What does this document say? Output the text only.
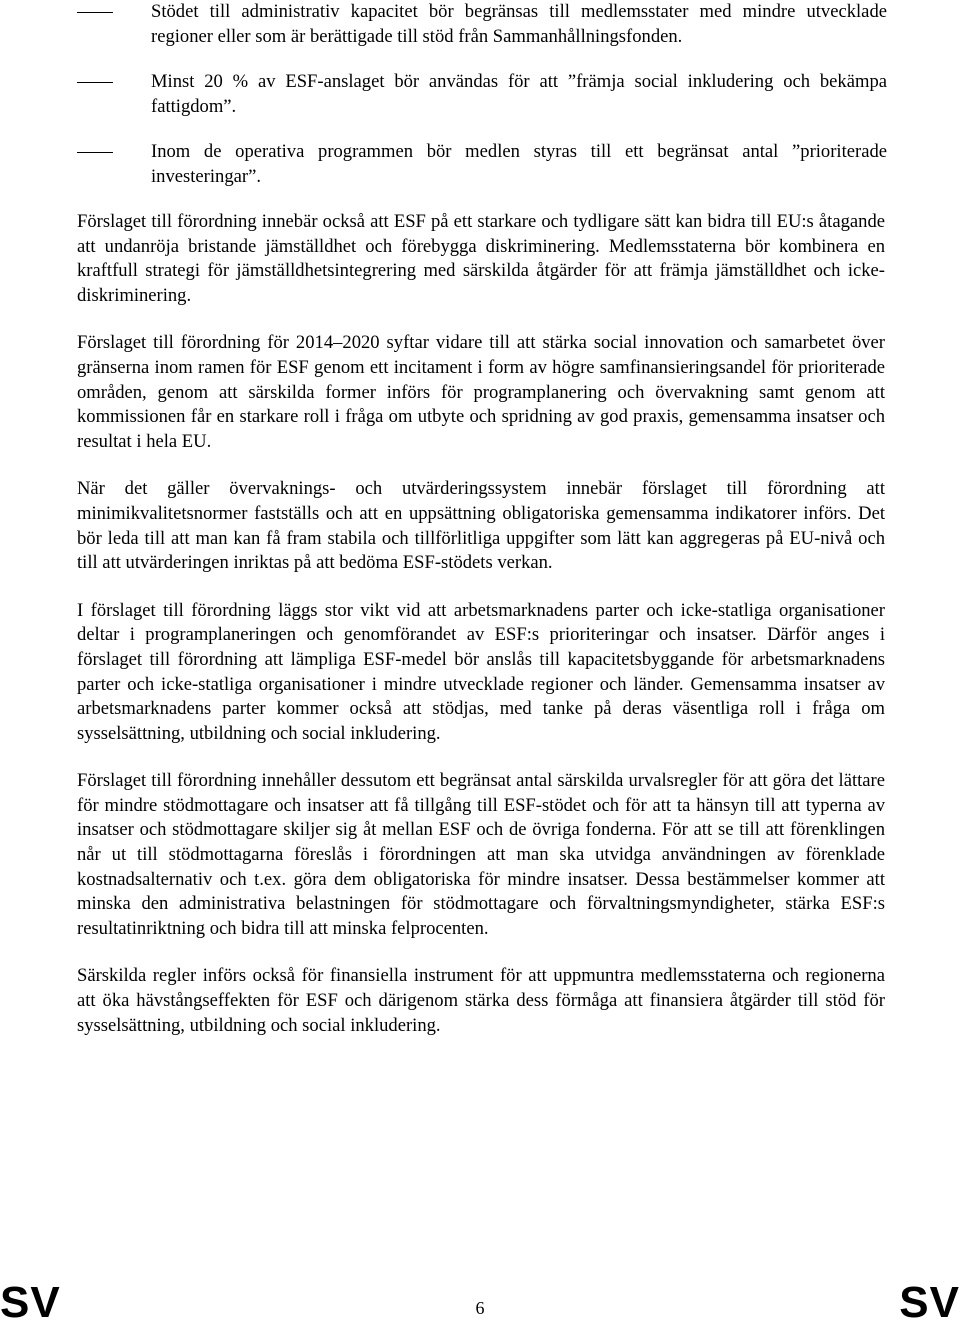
Stödet till administrativ kapacitet bör begränsas till medlemsstater med mindre utvecklade regioner eller som är berättigade till stöd från Sammanhållningsfonden.
Minst 20 % av ESF-anslaget bör användas för att ”främja social inkludering och bekämpa fattigdom”.
Inom de operativa programmen bör medlen styras till ett begränsat antal ”prioriterade investeringar”.

Förslaget till förordning innebär också att ESF på ett starkare och tydligare sätt kan bidra till EU:s åtagande att undanröja bristande jämställdhet och förebygga diskriminering. Medlemsstaterna bör kombinera en kraftfull strategi för jämställdhetsintegrering med särskilda åtgärder för att främja jämställdhet och icke-diskriminering.

Förslaget till förordning för 2014–2020 syftar vidare till att stärka social innovation och samarbetet över gränserna inom ramen för ESF genom ett incitament i form av högre samfinansieringsandel för prioriterade områden, genom att särskilda former införs för programplanering och övervakning samt genom att kommissionen får en starkare roll i fråga om utbyte och spridning av god praxis, gemensamma insatser och resultat i hela EU.

När det gäller övervaknings- och utvärderingssystem innebär förslaget till förordning att minimikvalitetsnormer fastställs och att en uppsättning obligatoriska gemensamma indikatorer införs. Det bör leda till att man kan få fram stabila och tillförlitliga uppgifter som lätt kan aggregeras på EU-nivå och till att utvärderingen inriktas på att bedöma ESF-stödets verkan.

I förslaget till förordning läggs stor vikt vid att arbetsmarknadens parter och icke-statliga organisationer deltar i programplaneringen och genomförandet av ESF:s prioriteringar och insatser. Därför anges i förslaget till förordning att lämpliga ESF-medel bör anslås till kapacitetsbyggande för arbetsmarknadens parter och icke-statliga organisationer i mindre utvecklade regioner och länder. Gemensamma insatser av arbetsmarknadens parter kommer också att stödjas, med tanke på deras väsentliga roll i fråga om sysselsättning, utbildning och social inkludering.

Förslaget till förordning innehåller dessutom ett begränsat antal särskilda urvalsregler för att göra det lättare för mindre stödmottagare och insatser att få tillgång till ESF-stödet och för att ta hänsyn till att typerna av insatser och stödmottagare skiljer sig åt mellan ESF och de övriga fonderna. För att se till att förenklingen når ut till stödmottagarna föreslås i förordningen att man ska utvidga användningen av förenklade kostnadsalternativ och t.ex. göra dem obligatoriska för mindre insatser. Dessa bestämmelser kommer att minska den administrativa belastningen för stödmottagare och förvaltningsmyndigheter, stärka ESF:s resultatinriktning och bidra till att minska felprocenten.

Särskilda regler införs också för finansiella instrument för att uppmuntra medlemsstaterna och regionerna att öka hävstångseffekten för ESF och därigenom stärka dess förmåga att finansiera åtgärder till stöd för sysselsättning, utbildning och social inkludering.

SV	6	SV
